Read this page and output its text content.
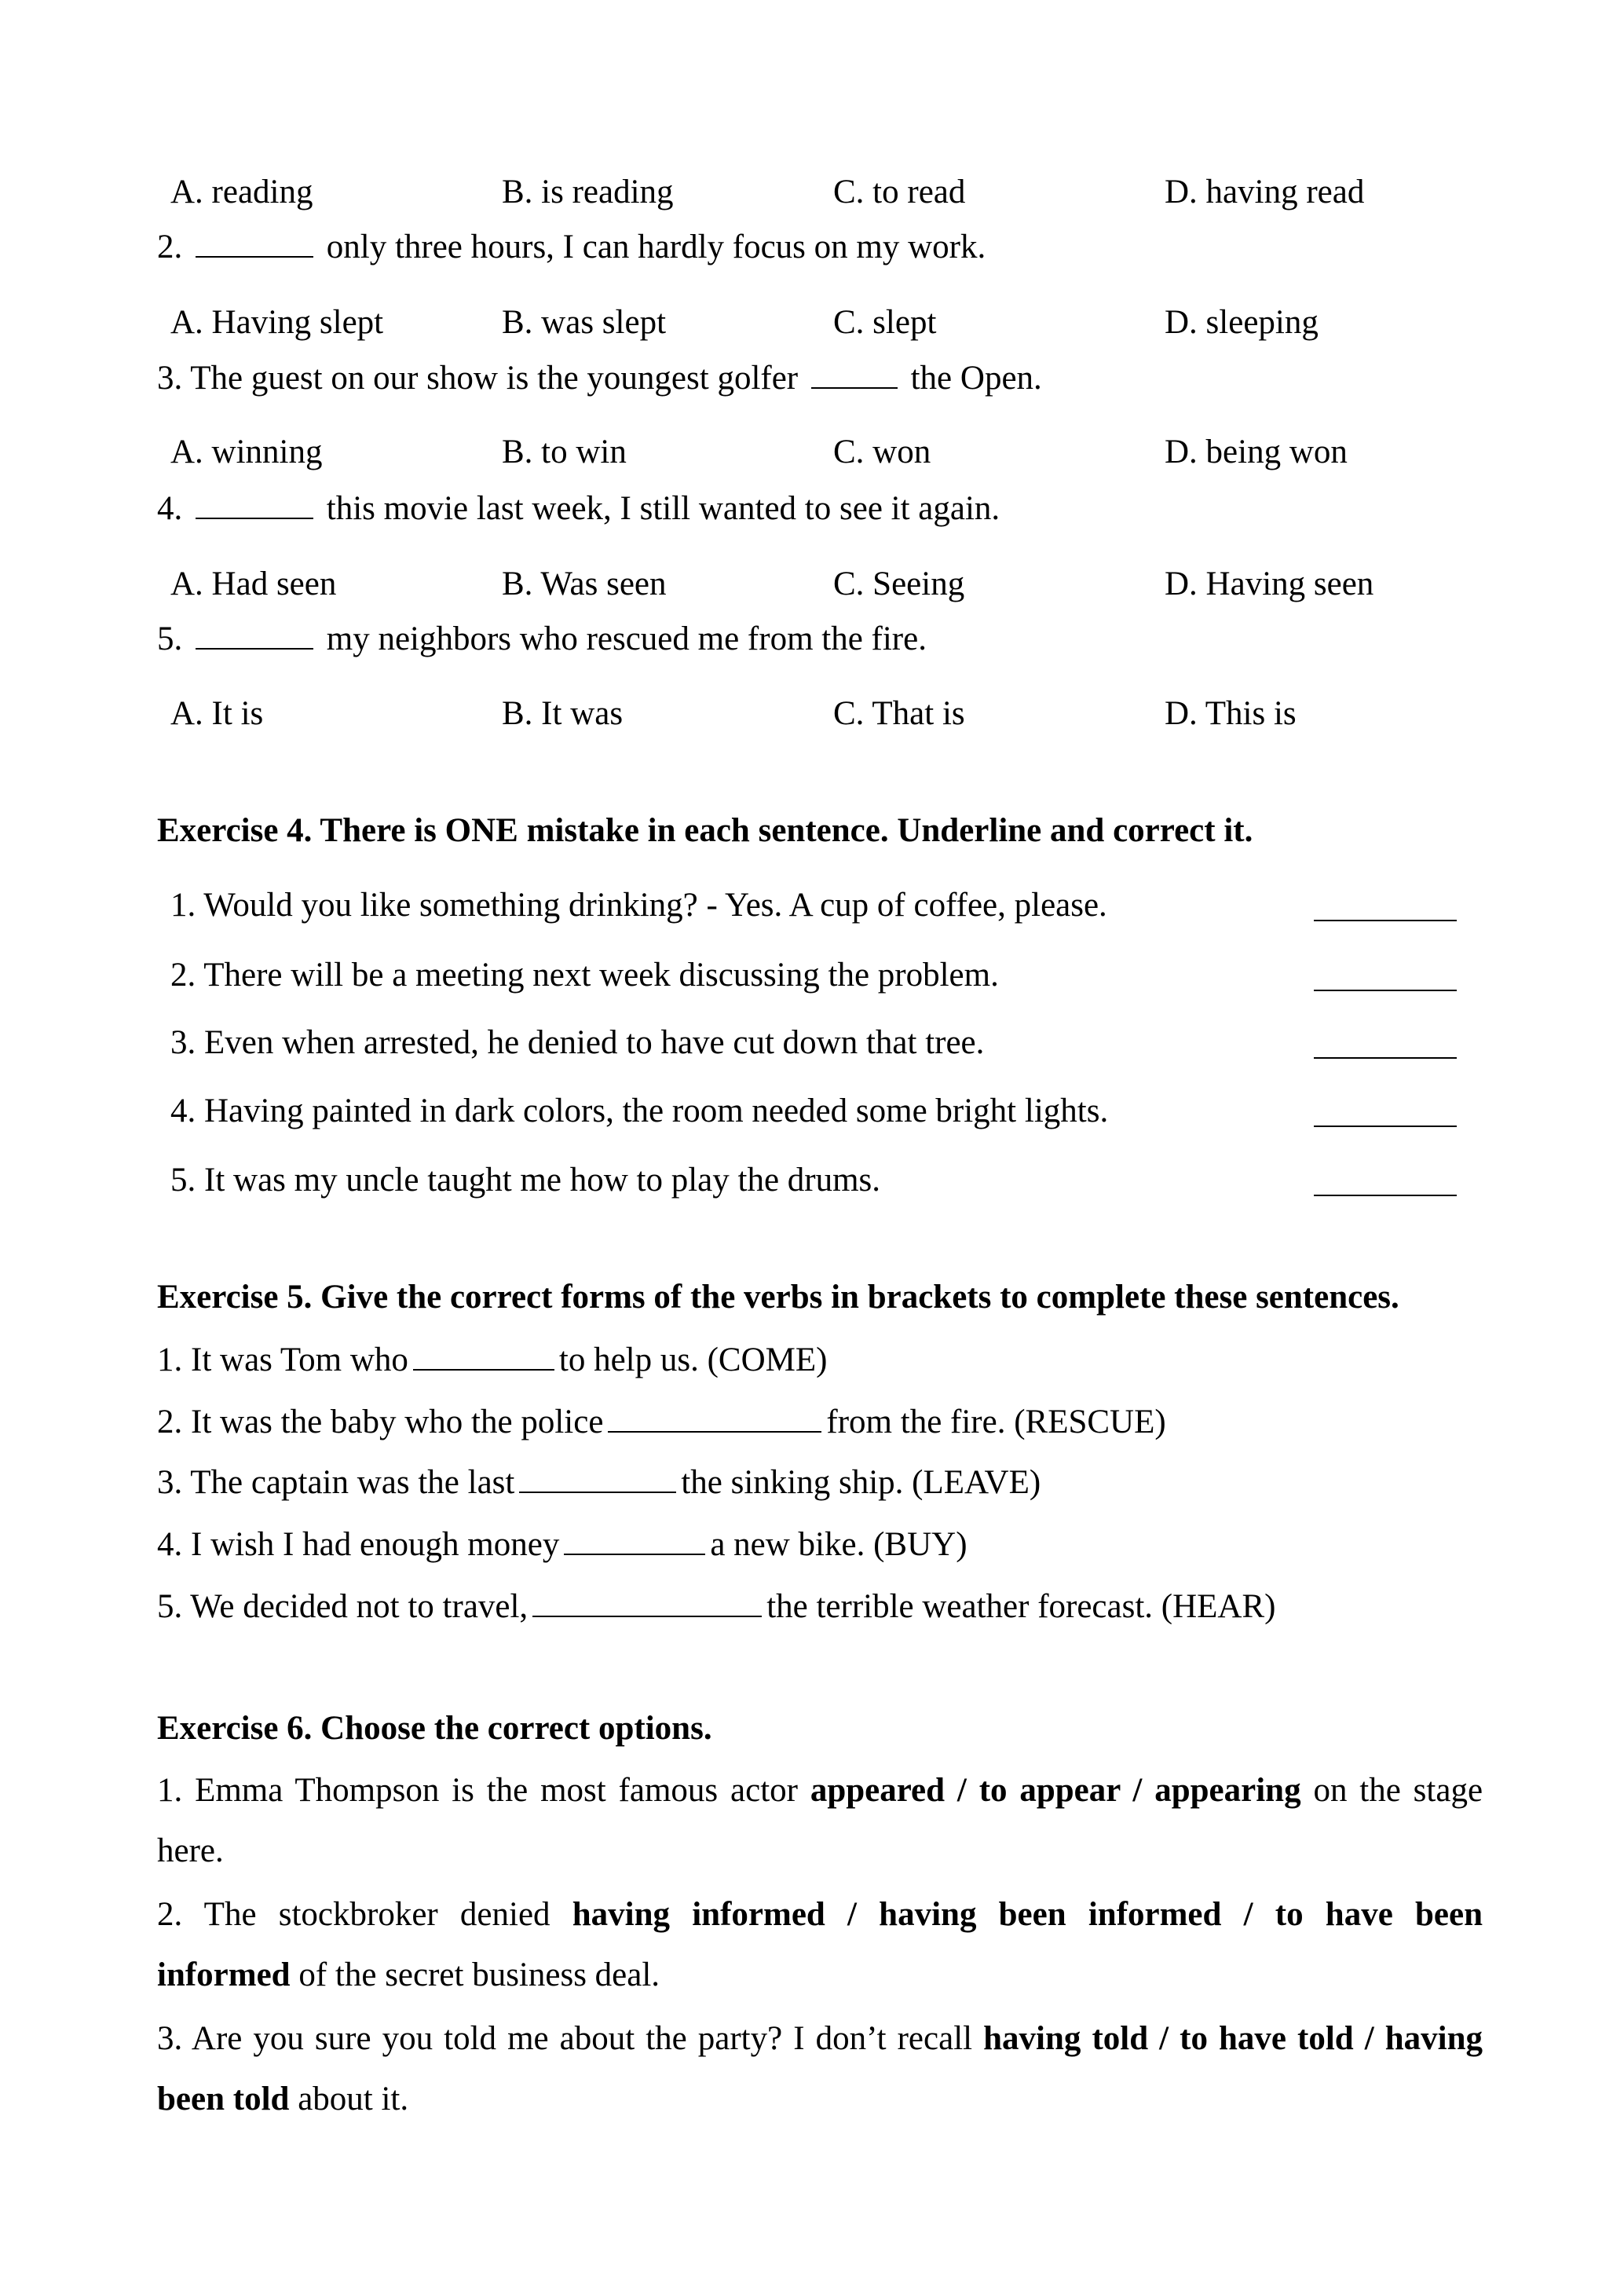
A. reading	B. is reading	C. to read	D. having read
2.	only three hours, I can hardly focus on my work.
A. Having slept	B. was slept	C. slept	D. sleeping
3. The guest on our show is the youngest golfer	the Open.
A. winning	B. to win	C. won	D. being won
4.	this movie last week, I still wanted to see it again.
A. Had seen	B. Was seen	C. Seeing	D. Having seen
5.	my neighbors who rescued me from the fire.
A. It is	B. It was	C. That is	D. This is
Exercise 4. There is ONE mistake in each sentence. Underline and correct it.
1. Would you like something drinking? - Yes. A cup of coffee, please.
2. There will be a meeting next week discussing the problem.
3. Even when arrested, he denied to have cut down that tree.
4. Having painted in dark colors, the room needed some bright lights.
5. It was my uncle taught me how to play the drums.
Exercise 5. Give the correct forms of the verbs in brackets to complete these sentences.
1. It was Tom who	to help us. (COME)
2. It was the baby who the police	from the fire. (RESCUE)
3. The captain was the last	the sinking ship. (LEAVE)
4. I wish I had enough money	a new bike. (BUY)
5. We decided not to travel,	the terrible weather forecast. (HEAR)
Exercise 6. Choose the correct options.
1. Emma Thompson is the most famous actor appeared / to appear / appearing on the stage
here.
2. The stockbroker denied having informed / having been informed / to have been
informed of the secret business deal.
3. Are you sure you told me about the party? I don’t recall having told / to have told / having
been told about it.
